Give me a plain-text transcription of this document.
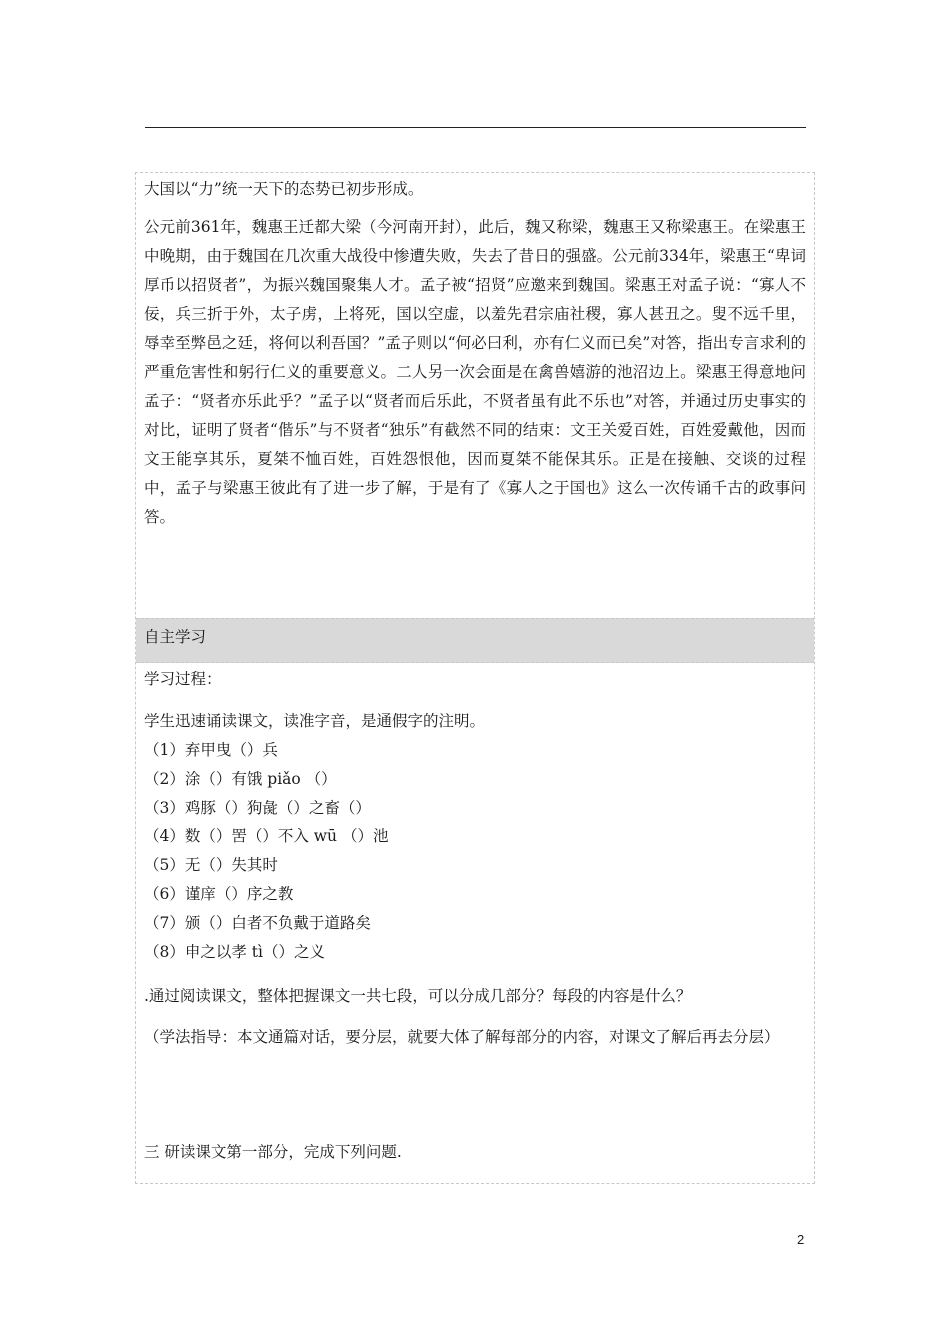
大国以“力”统一天下的态势已初步形成。

公元前361年，魏惠王迁都大梁（今河南开封），此后，魏又称梁，魏惠王又称梁惠王。在梁惠王中晚期，由于魏国在几次重大战役中惨遭失败，失去了昔日的强盛。公元前334年，梁惠王“卑词厚币以招贤者”，为振兴魏国聚集人才。孟子被“招贤”应邀来到魏国。梁惠王对孟子说：“寡人不佞，兵三折于外，太子虏，上将死，国以空虚，以羞先君宗庙社稷，寡人甚丑之。叟不远千里，辱幸至弊邑之廷，将何以利吾国？”孟子则以“何必曰利，亦有仁义而已矣”对答，指出专言求利的严重危害性和躬行仁义的重要意义。二人另一次会面是在禽兽嬉游的池沼边上。梁惠王得意地问孟子：“贤者亦乐此乎？”孟子以“贤者而后乐此，不贤者虽有此不乐也”对答，并通过历史事实的对比，证明了贤者“偕乐”与不贤者“独乐”有截然不同的结束：文王关爱百姓，百姓爱戴他，因而文王能享其乐，夏桀不恤百姓，百姓怨恨他，因而夏桀不能保其乐。正是在接触、交谈的过程中，孟子与梁惠王彼此有了进一步了解，于是有了《寡人之于国也》这么一次传诵千古的政事问答。

自主学习

学习过程：

学生迅速诵读课文，读准字音，是通假字的注明。

（1）弃甲曳（）兵

（2）涂（）有饿 piǎo （）

（3）鸡豚（）狗彘（）之畜（）

（4）数（）罟（）不入 wū （）池

（5）无（）失其时

（6）谨庠（）序之教

（7）颁（）白者不负戴于道路矣

（8）申之以孝 tì（）之义

.通过阅读课文，整体把握课文一共七段，可以分成几部分？每段的内容是什么？

（学法指导：本文通篇对话，要分层，就要大体了解每部分的内容，对课文了解后再去分层）

三 研读课文第一部分，完成下列问题.

2
